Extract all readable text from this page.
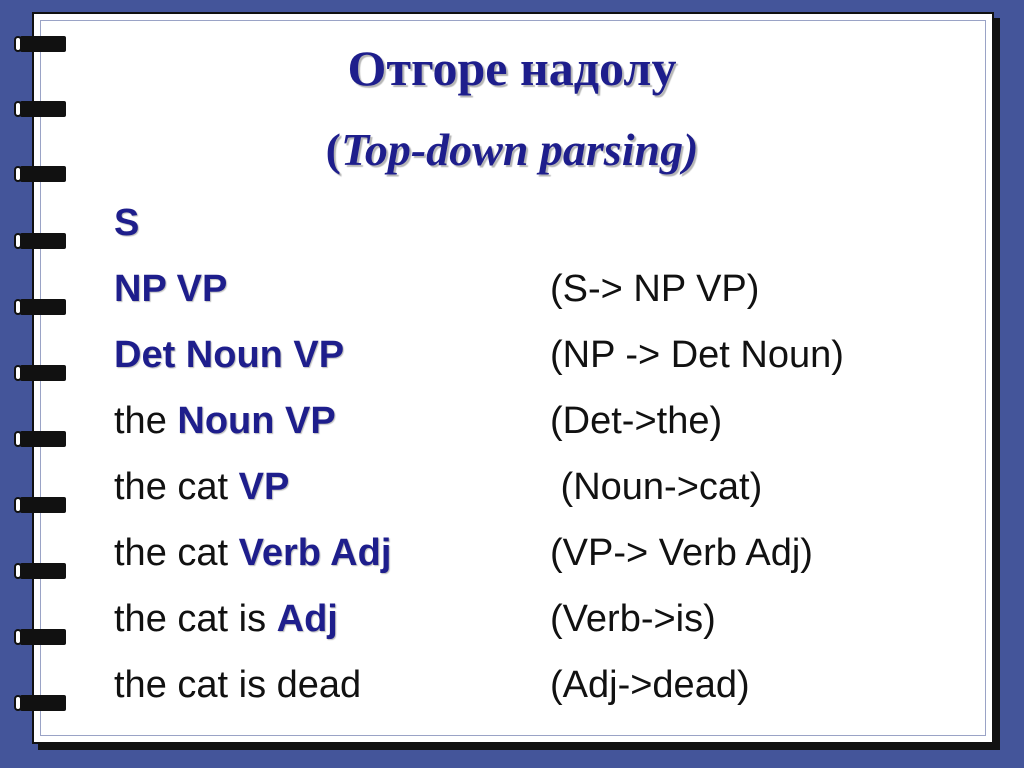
Отгоре надолу
(Top-down parsing)
S
NP VP	(S-> NP VP)
Det Noun VP	(NP -> Det Noun)
the Noun VP	(Det->the)
the cat VP	(Noun->cat)
the cat Verb Adj	(VP-> Verb Adj)
the cat is Adj	(Verb->is)
the cat is dead	(Adj->dead)
